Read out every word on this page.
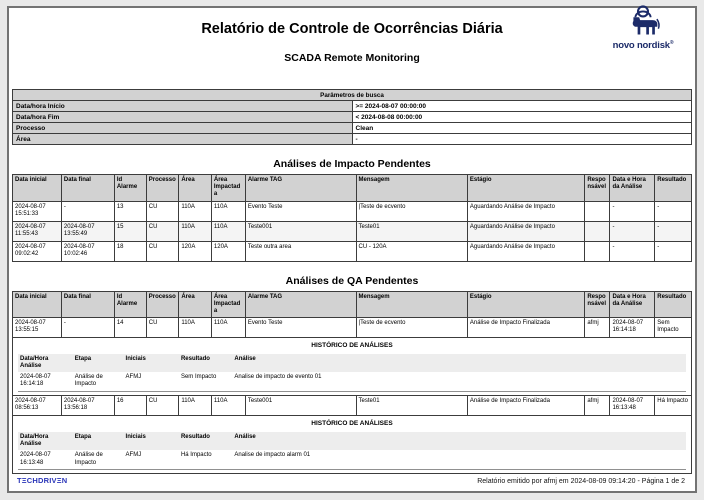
Relatório de Controle de Ocorrências Diária
SCADA Remote Monitoring
novo nordisk®
Parâmetros de busca	
Data/hora Início	>= 2024-08-07 00:00:00
Data/hora Fim	< 2024-08-08 00:00:00
Processo	Clean
Área	-
Análises de Impacto Pendentes
Data inicial	Data final	Id Alarme	Processo	Área	Área Impactada	Alarme TAG	Mensagem	Estágio	Responsável	Data e Hora da Análise	Resultado
2024-08-07 15:51:33	-	13	CU	110A	110A	Evento Teste	|Teste de ecvento	Aguardando Análise de Impacto		-	-
2024-08-07 11:55:43	2024-08-07 13:55:49	15	CU	110A	110A	Teste001	Teste01	Aguardando Análise de Impacto		-	-
2024-08-07 09:02:42	2024-08-07 10:02:46	18	CU	120A	120A	Teste outra area	CU - 120A	Aguardando Análise de Impacto		-	-
Análises de QA Pendentes
Data inicial	Data final	Id Alarme	Processo	Área	Área Impactada	Alarme TAG	Mensagem	Estágio	Responsável	Data e Hora da Análise	Resultado
2024-08-07 13:55:15	-	14	CU	110A	110A	Evento Teste	|Teste de ecvento	Análise de Impacto Finalizada	afmj	2024-08-07 16:14:18	Sem Impacto

HISTÓRICO DE ANÁLISES
Data/Hora Análise	Etapa	Iniciais	Resultado	Análise
2024-08-07 16:14:18	Análise de Impacto	AFMJ	Sem Impacto	Analise de impacto de evento 01

2024-08-07 08:56:13	2024-08-07 13:56:18	16	CU	110A	110A	Teste001	Teste01	Análise de Impacto Finalizada	afmj	2024-08-07 16:13:48	Há Impacto

HISTÓRICO DE ANÁLISES
Data/Hora Análise	Etapa	Iniciais	Resultado	Análise
2024-08-07 16:13:48	Análise de Impacto	AFMJ	Há Impacto	Analise de impacto alarm 01
TΞCHDRIVΞN	Relatório emitido por afmj em 2024-08-09 09:14:20 - Página 1 de 2
